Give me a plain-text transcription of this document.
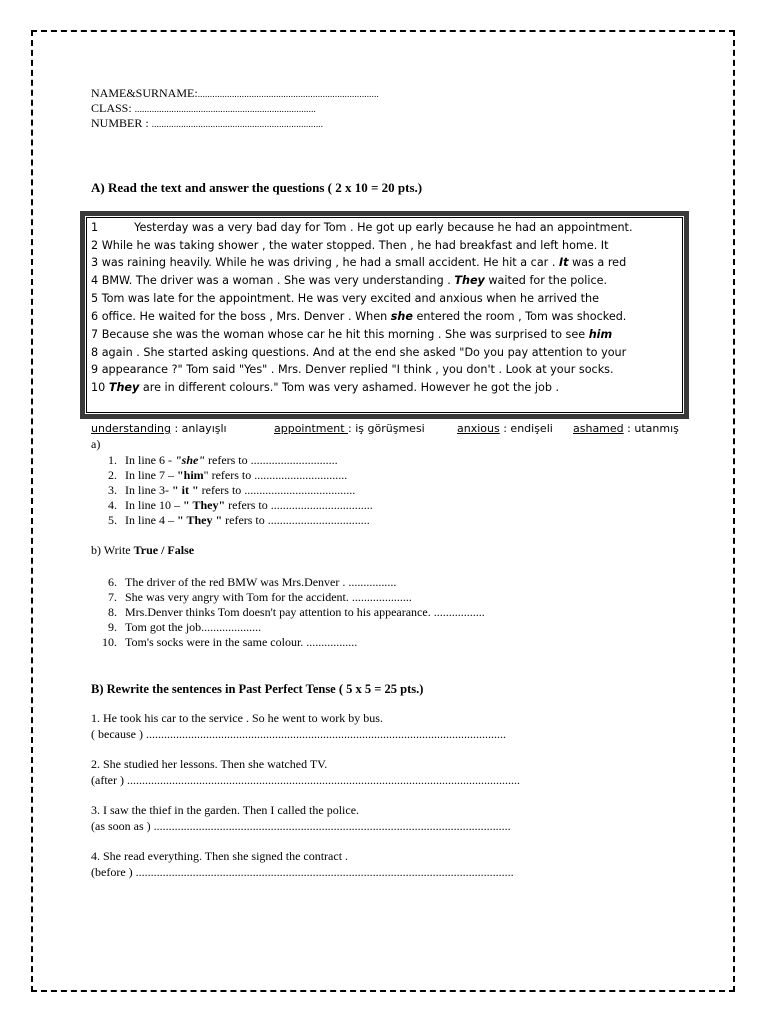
NAME&SURNAME:..........................................................................
CLASS: ..........................................................................
NUMBER : ......................................................................
A) Read the text and answer the questions ( 2 x 10 = 20 pts.)
1	Yesterday was a very bad day for Tom . He got up early because he had an appointment.
2 While he was taking shower , the water stopped. Then , he had breakfast and left home. It
3 was raining heavily. While he was driving , he had a small accident. He hit a car . It was a red
4 BMW. The driver was a woman . She was very understanding . They waited for the police.
5 Tom was late for the appointment. He was very excited and anxious when he arrived the
6 office. He waited for the boss , Mrs. Denver . When she entered the room , Tom was shocked.
7 Because she was the woman whose car he hit this morning . She was surprised to see him
8 again . She started asking questions. And at the end she asked "Do you pay attention to your
9 appearance ?" Tom said "Yes" . Mrs. Denver replied "I think , you don't . Look at your socks.
10 They are in different colours." Tom was very ashamed. However he got the job .
understanding : anlayışlı	appointment : iş görüşmesi	anxious : endişeli ashamed : utanmış
a)
1. In line 6 - "she" refers to .............................
2. In line 7 – "him" refers to ...............................
3. In line 3- " it " refers to .....................................
4. In line 10 – " They" refers to ..................................
5. In line 4 – " They " refers to ..................................
b) Write True / False
6. The driver of the red BMW was Mrs.Denver . ................
7. She was very angry with Tom for the accident. ....................
8. Mrs.Denver thinks Tom doesn't pay attention to his appearance. .................
9. Tom got the job....................
10. Tom's socks were in the same colour. .................
B) Rewrite the sentences in Past Perfect Tense ( 5 x 5 = 25 pts.)
1. He took his car to the service . So he went to work by bus.
( because ) ........................................................................................................................
2. She studied her lessons. Then she watched TV.
(after ) ...................................................................................................................................
3. I saw the thief in the garden. Then I called the police.
(as soon as ) .......................................................................................................................
4. She read everything. Then she signed the contract .
(before ) ..............................................................................................................................
